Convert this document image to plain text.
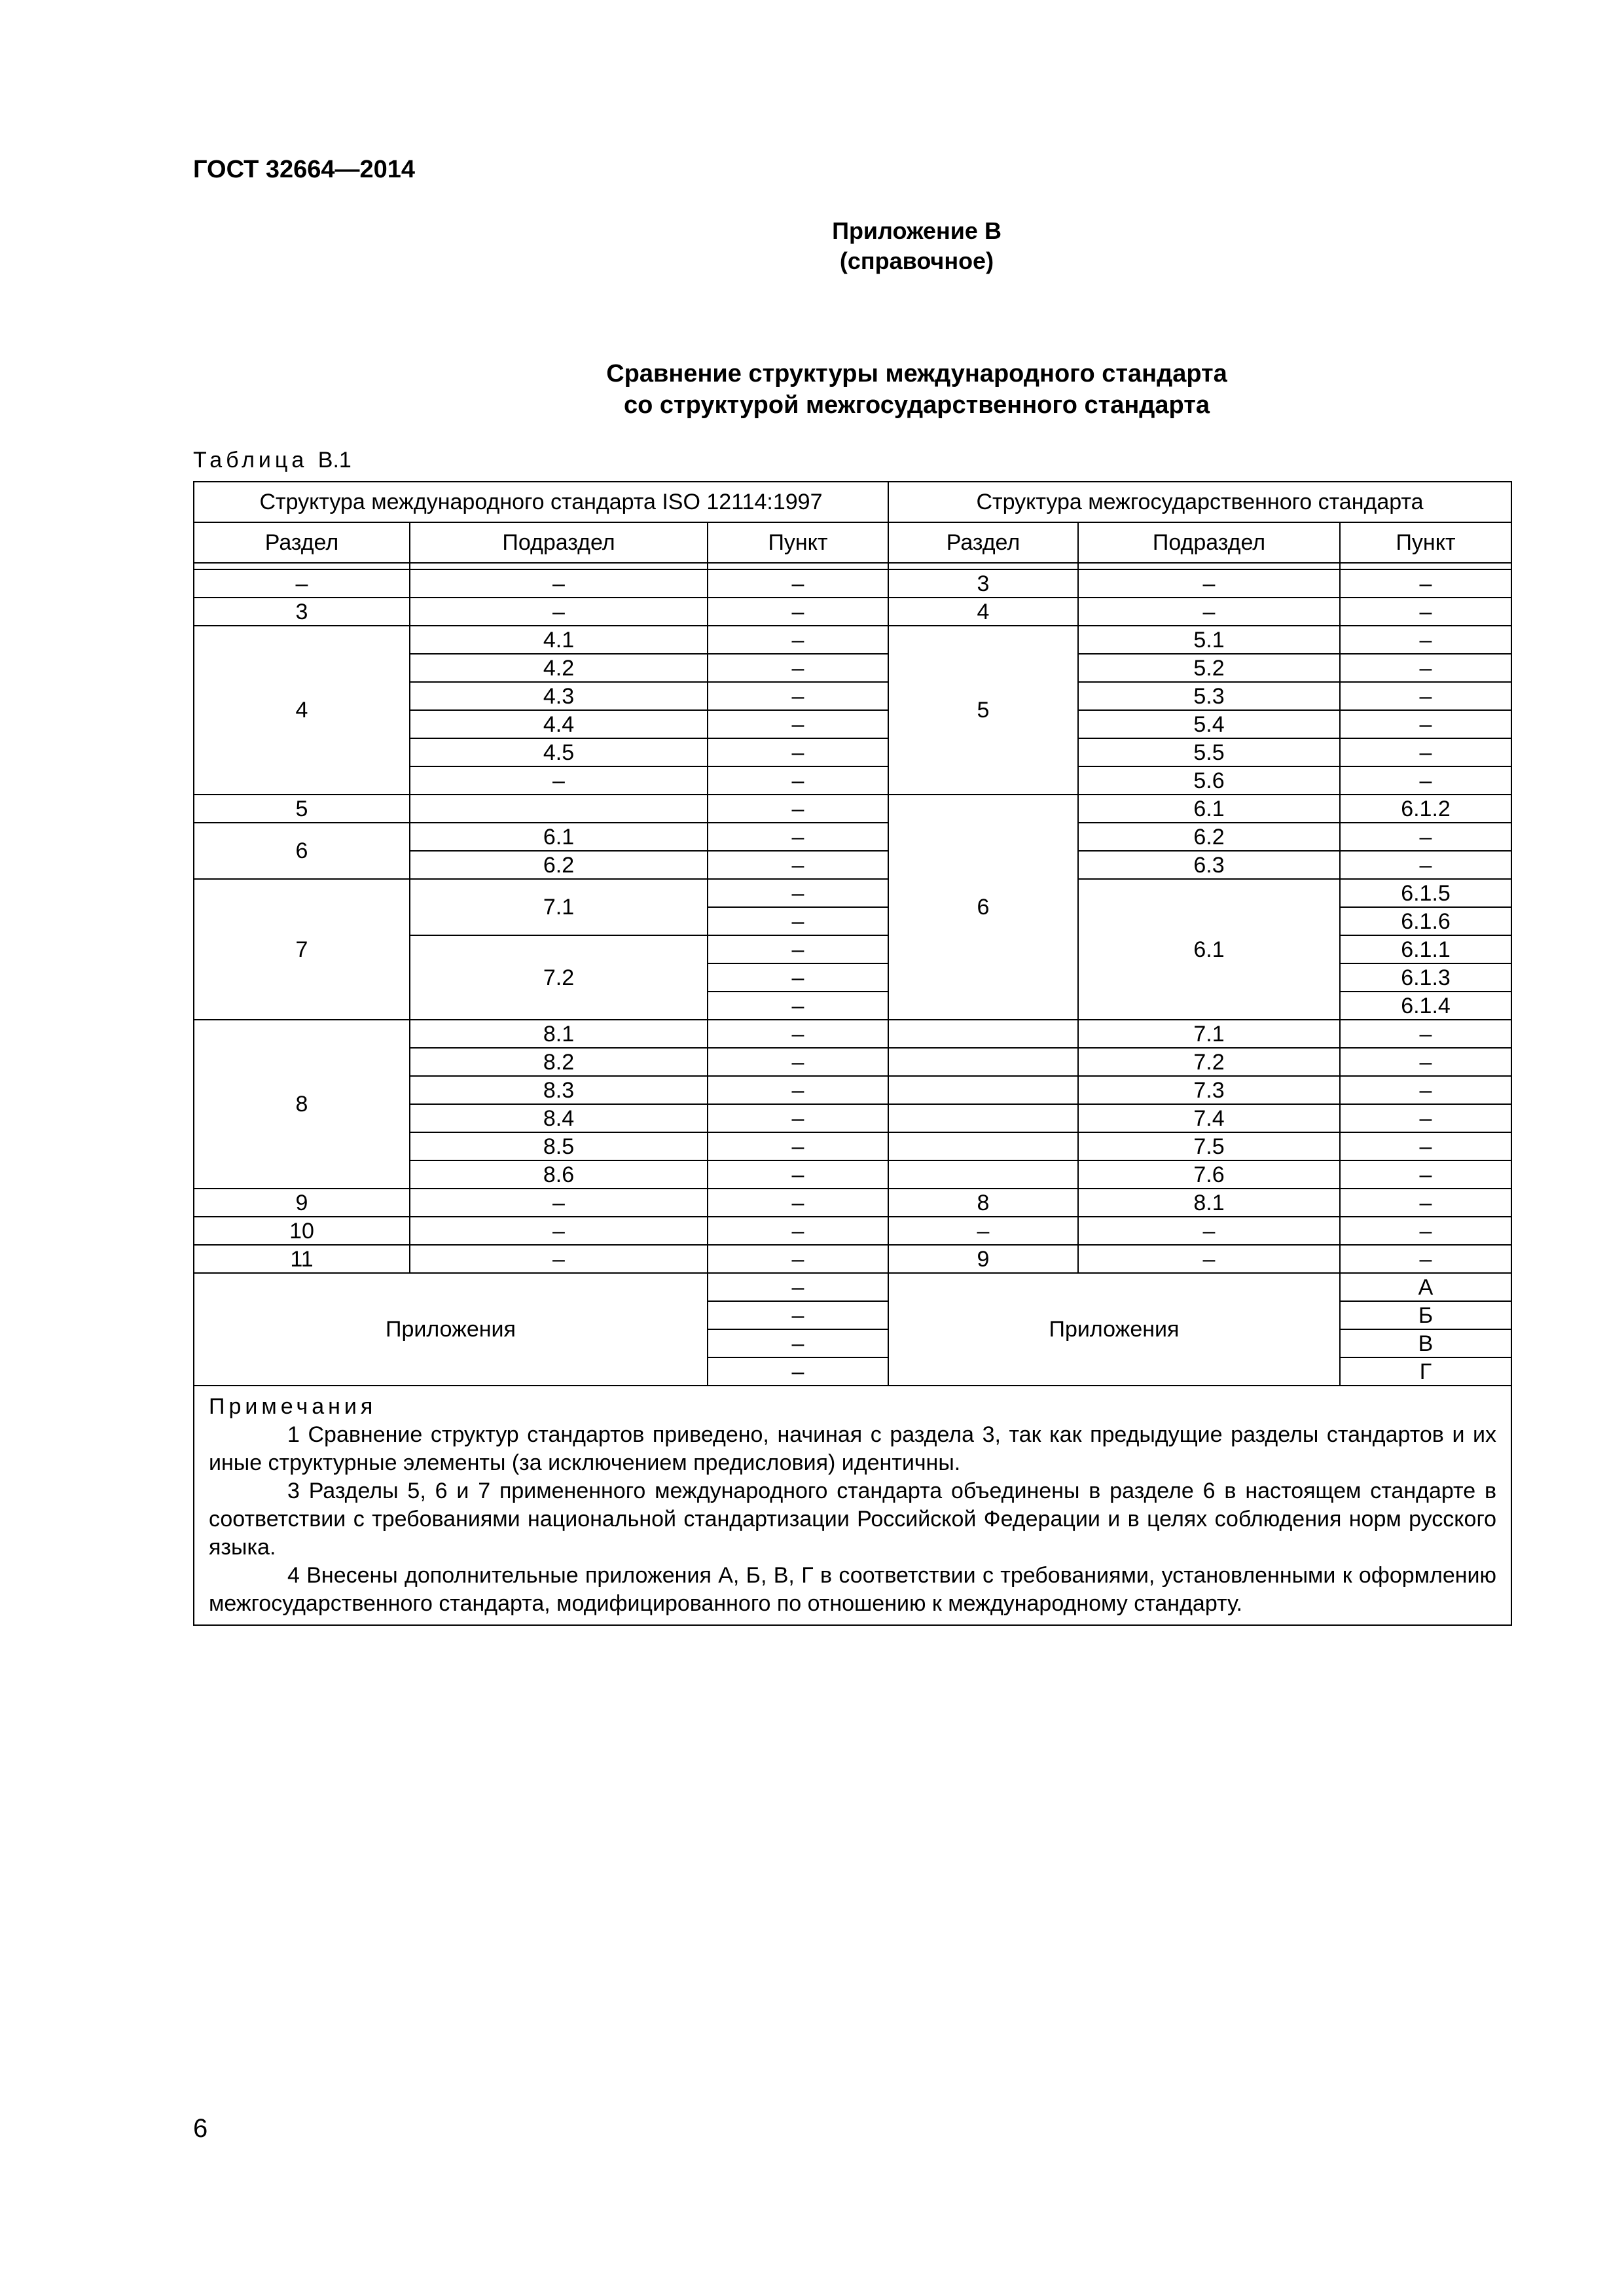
ГОСТ 32664—2014
Приложение В
(справочное)
Сравнение структуры международного стандарта
со структурой межгосударственного стандарта
Таблица В.1
Структура международного стандарта ISO 12114:1997			Структура межгосударственного стандарта		
Раздел	Подраздел	Пункт	Раздел	Подраздел	Пункт

–	–	–	3	–	–
3	–	–	4	–	–
4	4.1	–	5	5.1	–
	4.2	–		5.2	–
	4.3	–		5.3	–
	4.4	–		5.4	–
	4.5	–		5.5	–
	–	–		5.6	–
5		–	6	6.1	6.1.2
6	6.1	–		6.2	–
	6.2	–		6.3	–
7	7.1	–		6.1	6.1.5
		–			6.1.6
	7.2	–			6.1.1
		–			6.1.3
		–			6.1.4
8	8.1	–		7.1	–
	8.2	–		7.2	–
	8.3	–		7.3	–
	8.4	–		7.4	–
	8.5	–		7.5	–
	8.6	–		7.6	–
9	–	–	8	8.1	–
10	–	–	–	–	–
11	–	–	9	–	–
Приложения		–	Приложения		А
		–			Б
		–			В
		–			Г

Примечания

1 Сравнение структур стандартов приведено, начиная с раздела 3, так как предыдущие разделы стандартов и их иные структурные элементы (за исключением предисловия) идентичны.

3 Разделы 5, 6 и 7 примененного международного стандарта объединены в разделе 6 в настоящем стандарте в соответствии с требованиями национальной стандартизации Российской Федерации и в целях соблюдения норм русского языка.

4 Внесены дополнительные приложения А, Б, В, Г в соответствии с требованиями, установленными к оформлению межгосударственного стандарта, модифицированного по отношению к международному стандарту.					

6
